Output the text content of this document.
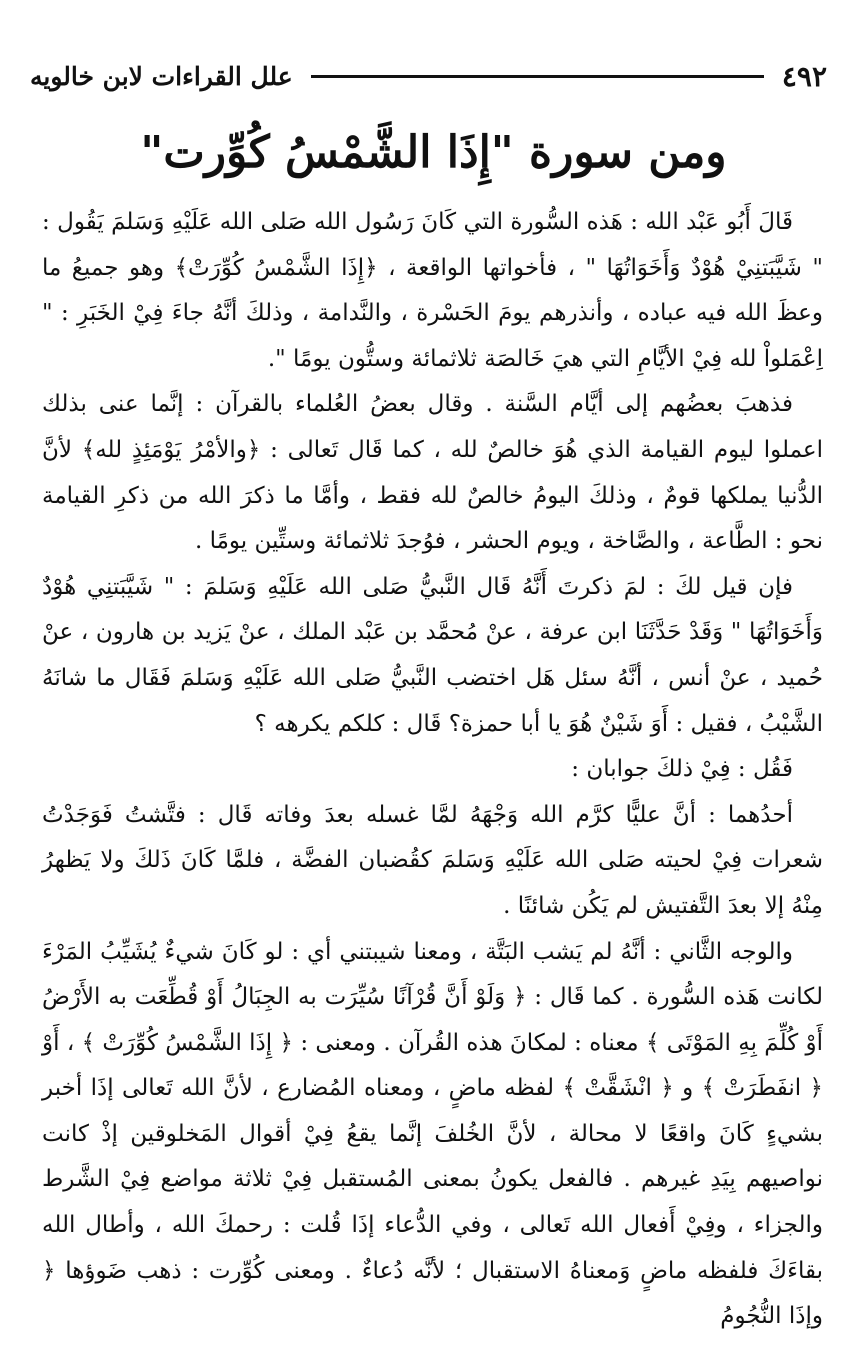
٤٩٢
علل القراءات لابن خالويه
ومن سورة "إِذَا الشَّمْسُ كُوِّرت"

قَالَ أَبُو عَبْد الله : هَذه السُّورة التي كَانَ رَسُول الله صَلى الله عَلَيْهِ وَسَلمَ يَقُول : " شَيَّبَتنِيْ هُوْدٌ وَأَخَوَاتُهَا " ، فأخواتها الواقعة ، ﴿إِذَا الشَّمْسُ كُوِّرَتْ﴾ وهو جميعُ ما وعظَ الله فيه عباده ، وأنذرهم يومَ الحَسْرة ، والنَّدامة ، وذلكَ أنَّهُ جاءَ فِيْ الخَبَرِ : " اِعْمَلواْ لله فِيْ الأيَّامِ التي هيَ خَالصَة ثلاثمائة وستُّون يومًا ".

فذهبَ بعضُهم إلى أيَّام السَّنة . وقال بعضُ العُلماء بالقرآن : إنَّما عنى بذلك اعملوا ليوم القيامة الذي هُوَ خالصٌ لله ، كما قَال تَعالى : ﴿والأمْرُ يَوْمَئِذٍ لله﴾ لأنَّ الدُّنيا يملكها قومٌ ، وذلكَ اليومُ خالصٌ لله فقط ، وأمَّا ما ذكرَ الله من ذكرِ القيامة نحو : الطَّاعة ، والصَّاخة ، ويوم الحشر ، فوُجدَ ثلاثمائة وستِّين يومًا .

فإن قيل لكَ : لمَ ذكرتَ أَنَّهُ قَال النَّبيُّ صَلى الله عَلَيْهِ وَسَلمَ : " شَيَّبَتنِي هُوْدٌ وَأَخَوَاتُهَا " وَقَدْ حَدَّثَنَا ابن عرفة ، عنْ مُحمَّد بن عَبْد الملك ، عنْ يَزيد بن هارون ، عنْ حُميد ، عنْ أنس ، أنَّهُ سئل هَل اختضب النَّبيُّ صَلى الله عَلَيْهِ وَسَلمَ فَقَال ما شانَهُ الشَّيْبُ ، فقيل : أَوَ شَيْنٌ هُوَ يا أبا حمزة؟ قَال : كلكم يكرهه ؟

فَقُل : فِيْ ذلكَ جوابان :

أحدُهما : أنَّ عليًّا كرَّم الله وَجْهَهُ لمَّا غسله بعدَ وفاته قَال : فتَّشتُ فَوَجَدْتُ شعرات فِيْ لحيته صَلى الله عَلَيْهِ وَسَلمَ كقُضبان الفضَّة ، فلمَّا كَانَ ذَلكَ ولا يَظهرُ مِنْهُ إلا بعدَ التَّفتيش لم يَكُن شائنًا .

والوجه الثَّاني : أنَّهُ لم يَشب البَتَّة ، ومعنا شيبتني أي : لو كَانَ شيءٌ يُشَيِّبُ المَرْءَ لكانت هَذه السُّورة . كما قَال : ﴿ وَلَوْ أَنَّ قُرْآنًا سُيِّرَت به الجِبَالُ أَوْ قُطِّعَت به الأَرْضُ أَوْ كُلِّمَ بِهِ المَوْتَى ﴾ معناه : لمكانَ هذه القُرآن . ومعنى : ﴿ إِذَا الشَّمْسُ كُوِّرَتْ ﴾ ، أَوْ ﴿ انفَطَرَتْ ﴾ و ﴿ انْشَقَّتْ ﴾ لفظه ماضٍ ، ومعناه المُضارع ، لأنَّ الله تَعالى إذَا أخبر بشيءٍ كَانَ واقعًا لا محالة ، لأنَّ الخُلفَ إنَّما يقعُ فِيْ أقوال المَخلوقين إذْ كانت نواصيهم بِيَدِ غيرهم . فالفعل يكونُ بمعنى المُستقبل فِيْ ثلاثة مواضع فِيْ الشَّرط والجزاء ، وفِيْ أَفعال الله تَعالى ، وفي الدُّعاء إذَا قُلت : رحمكَ الله ، وأطال الله بقاءَكَ فلفظه ماضٍ وَمعناهُ الاستقبال ؛ لأنَّه دُعاءٌ . ومعنى كُوِّرت : ذهب ضَوؤها ﴿ وإذَا النُّجُومُ
